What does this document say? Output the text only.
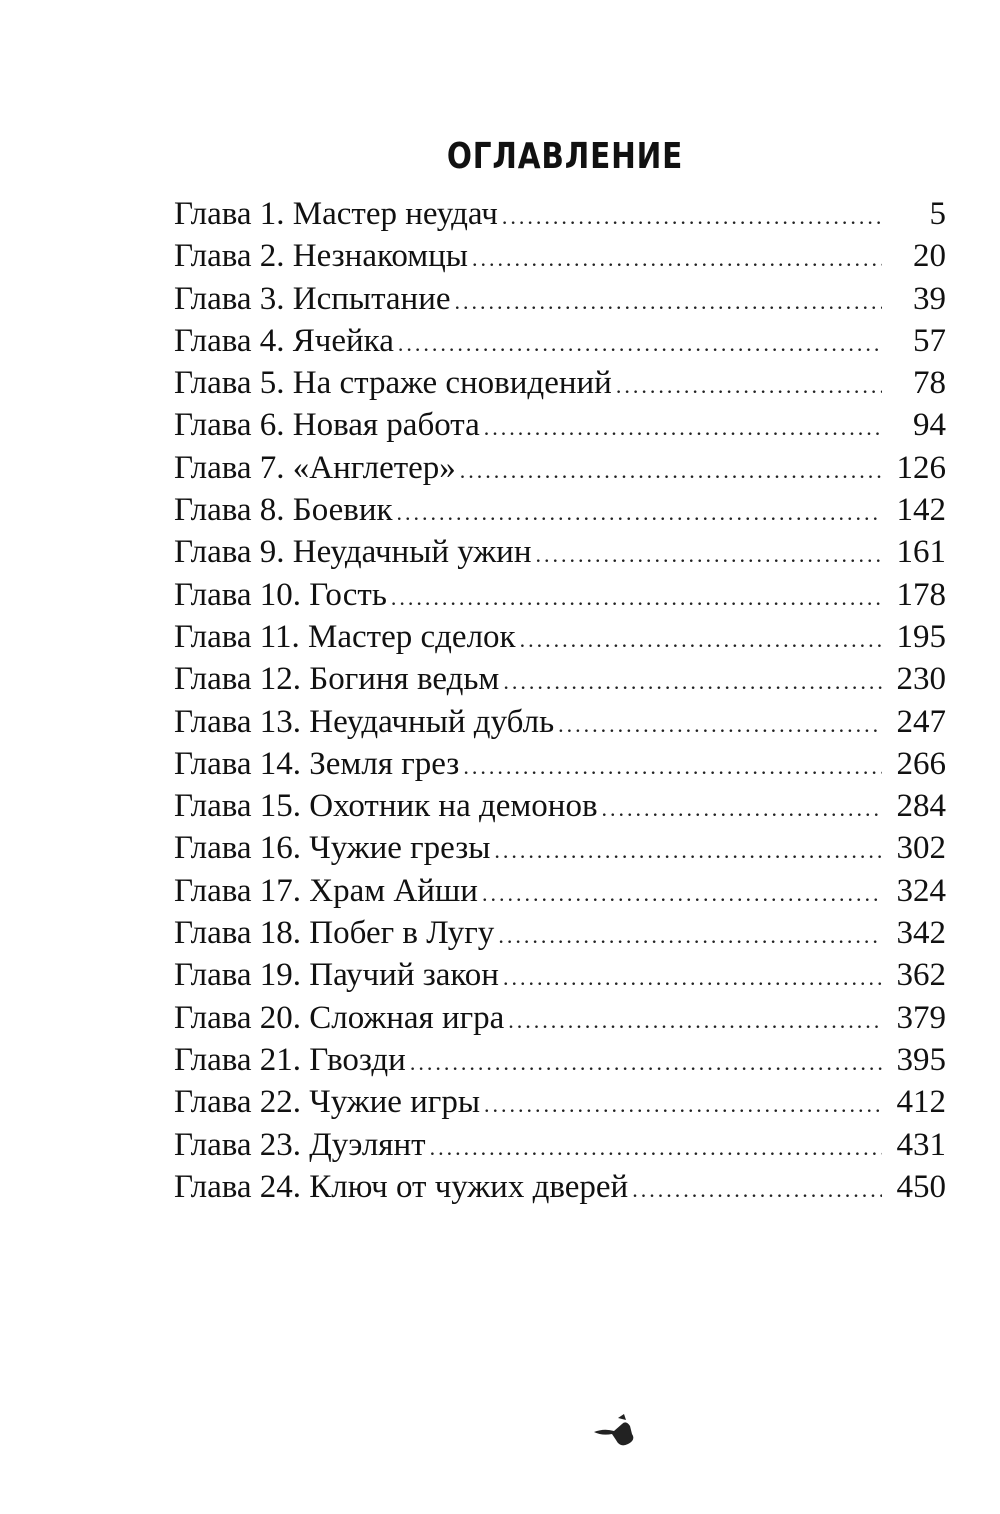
ОГЛАВЛЕНИЕ
Глава 1. Мастер неудач .....	5
Глава 2. Незнакомцы .....	20
Глава 3. Испытание .....	39
Глава 4. Ячейка .....	57
Глава 5. На страже сновидений .....	78
Глава 6. Новая работа .....	94
Глава 7. «Англетер» .....	126
Глава 8. Боевик .....	142
Глава 9. Неудачный ужин .....	161
Глава 10. Гость .....	178
Глава 11. Мастер сделок .....	195
Глава 12. Богиня ведьм .....	230
Глава 13. Неудачный дубль .....	247
Глава 14. Земля грез .....	266
Глава 15. Охотник на демонов .....	284
Глава 16. Чужие грезы .....	302
Глава 17. Храм Айши .....	324
Глава 18. Побег в Лугу .....	342
Глава 19. Паучий закон .....	362
Глава 20. Сложная игра .....	379
Глава 21. Гвозди .....	395
Глава 22. Чужие игры .....	412
Глава 23. Дуэлянт .....	431
Глава 24. Ключ от чужих дверей .....	450
